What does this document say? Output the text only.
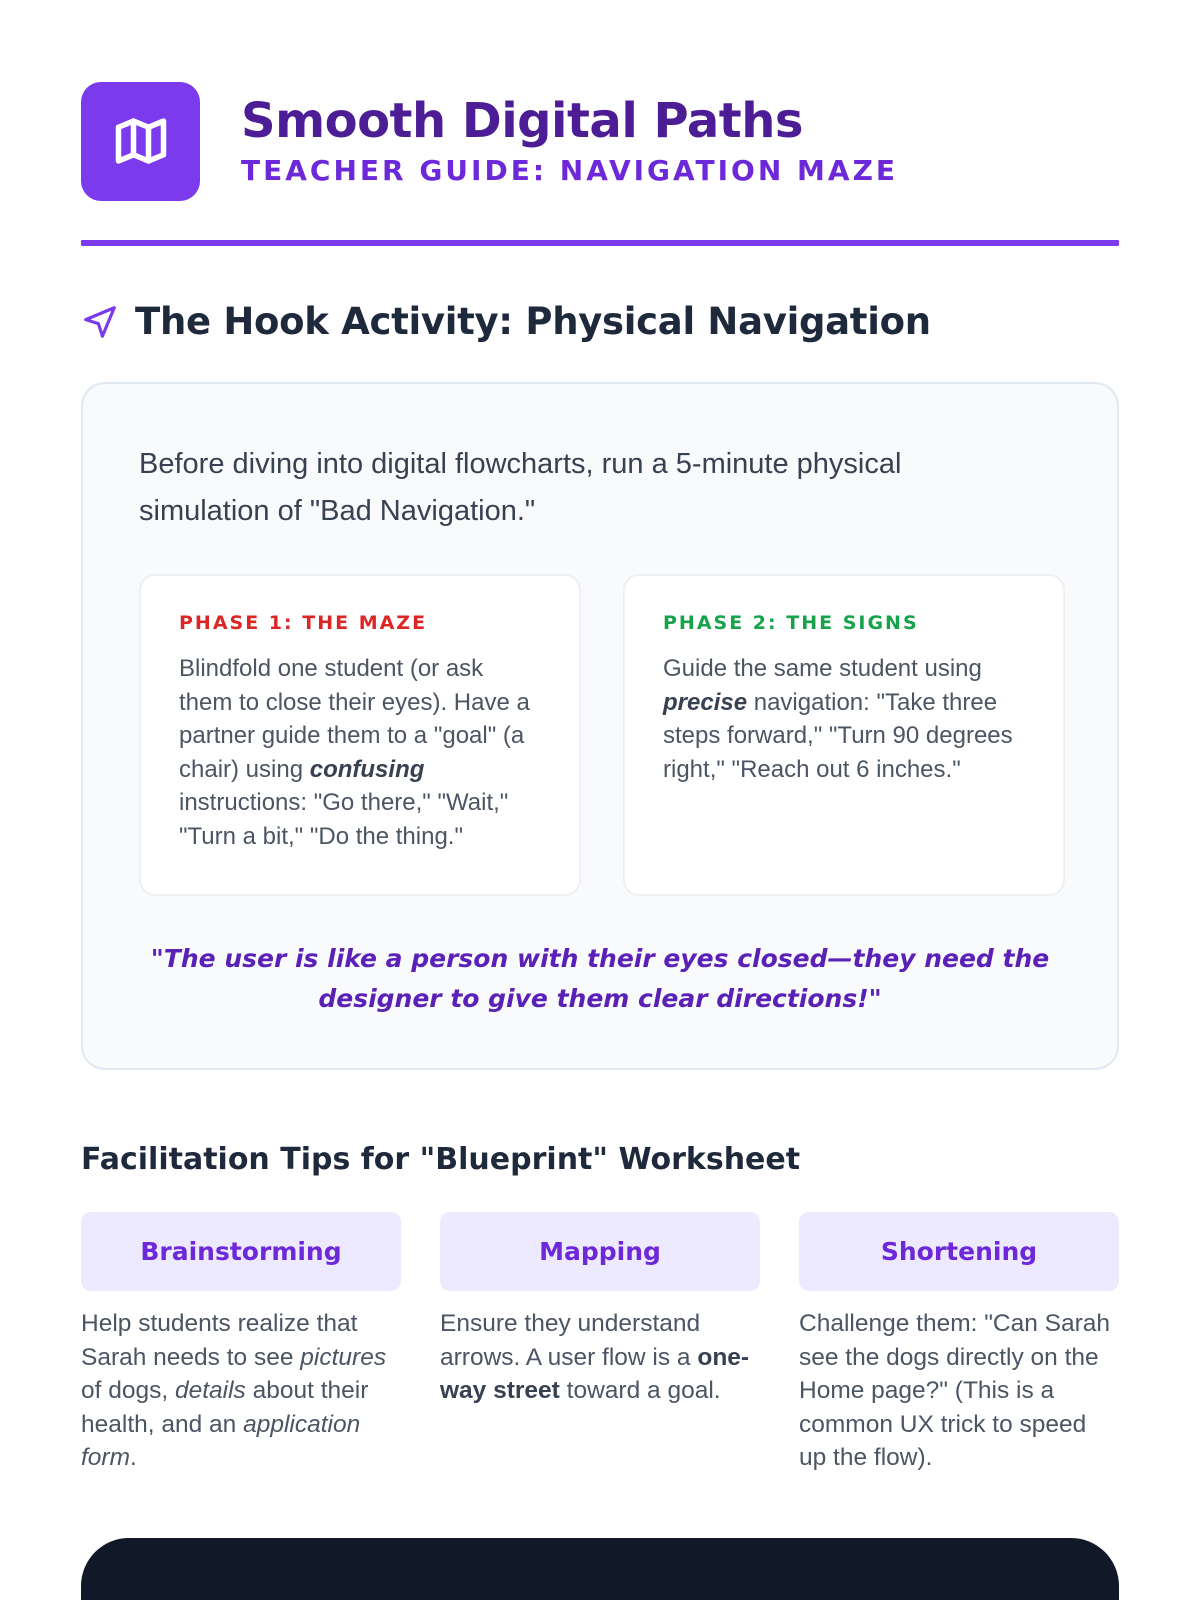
Smooth Digital Paths
TEACHER GUIDE: NAVIGATION MAZE
The Hook Activity: Physical Navigation

Before diving into digital flowcharts, run a 5-minute physical simulation of "Bad Navigation."

PHASE 1: THE MAZE

Blindfold one student (or ask them to close their eyes). Have a partner guide them to a "goal" (a chair) using confusing instructions: "Go there," "Wait," "Turn a bit," "Do the thing."

PHASE 2: THE SIGNS

Guide the same student using precise navigation: "Take three steps forward," "Turn 90 degrees right," "Reach out 6 inches."

"The user is like a person with their eyes closed—they need the designer to give them clear directions!"

Facilitation Tips for "Blueprint" Worksheet
Brainstorming

Help students realize that Sarah needs to see pictures of dogs, details about their health, and an application form.

Mapping

Ensure they understand arrows. A user flow is a one-way street toward a goal.

Shortening

Challenge them: "Can Sarah see the dogs directly on the Home page?" (This is a common UX trick to speed up the flow).
